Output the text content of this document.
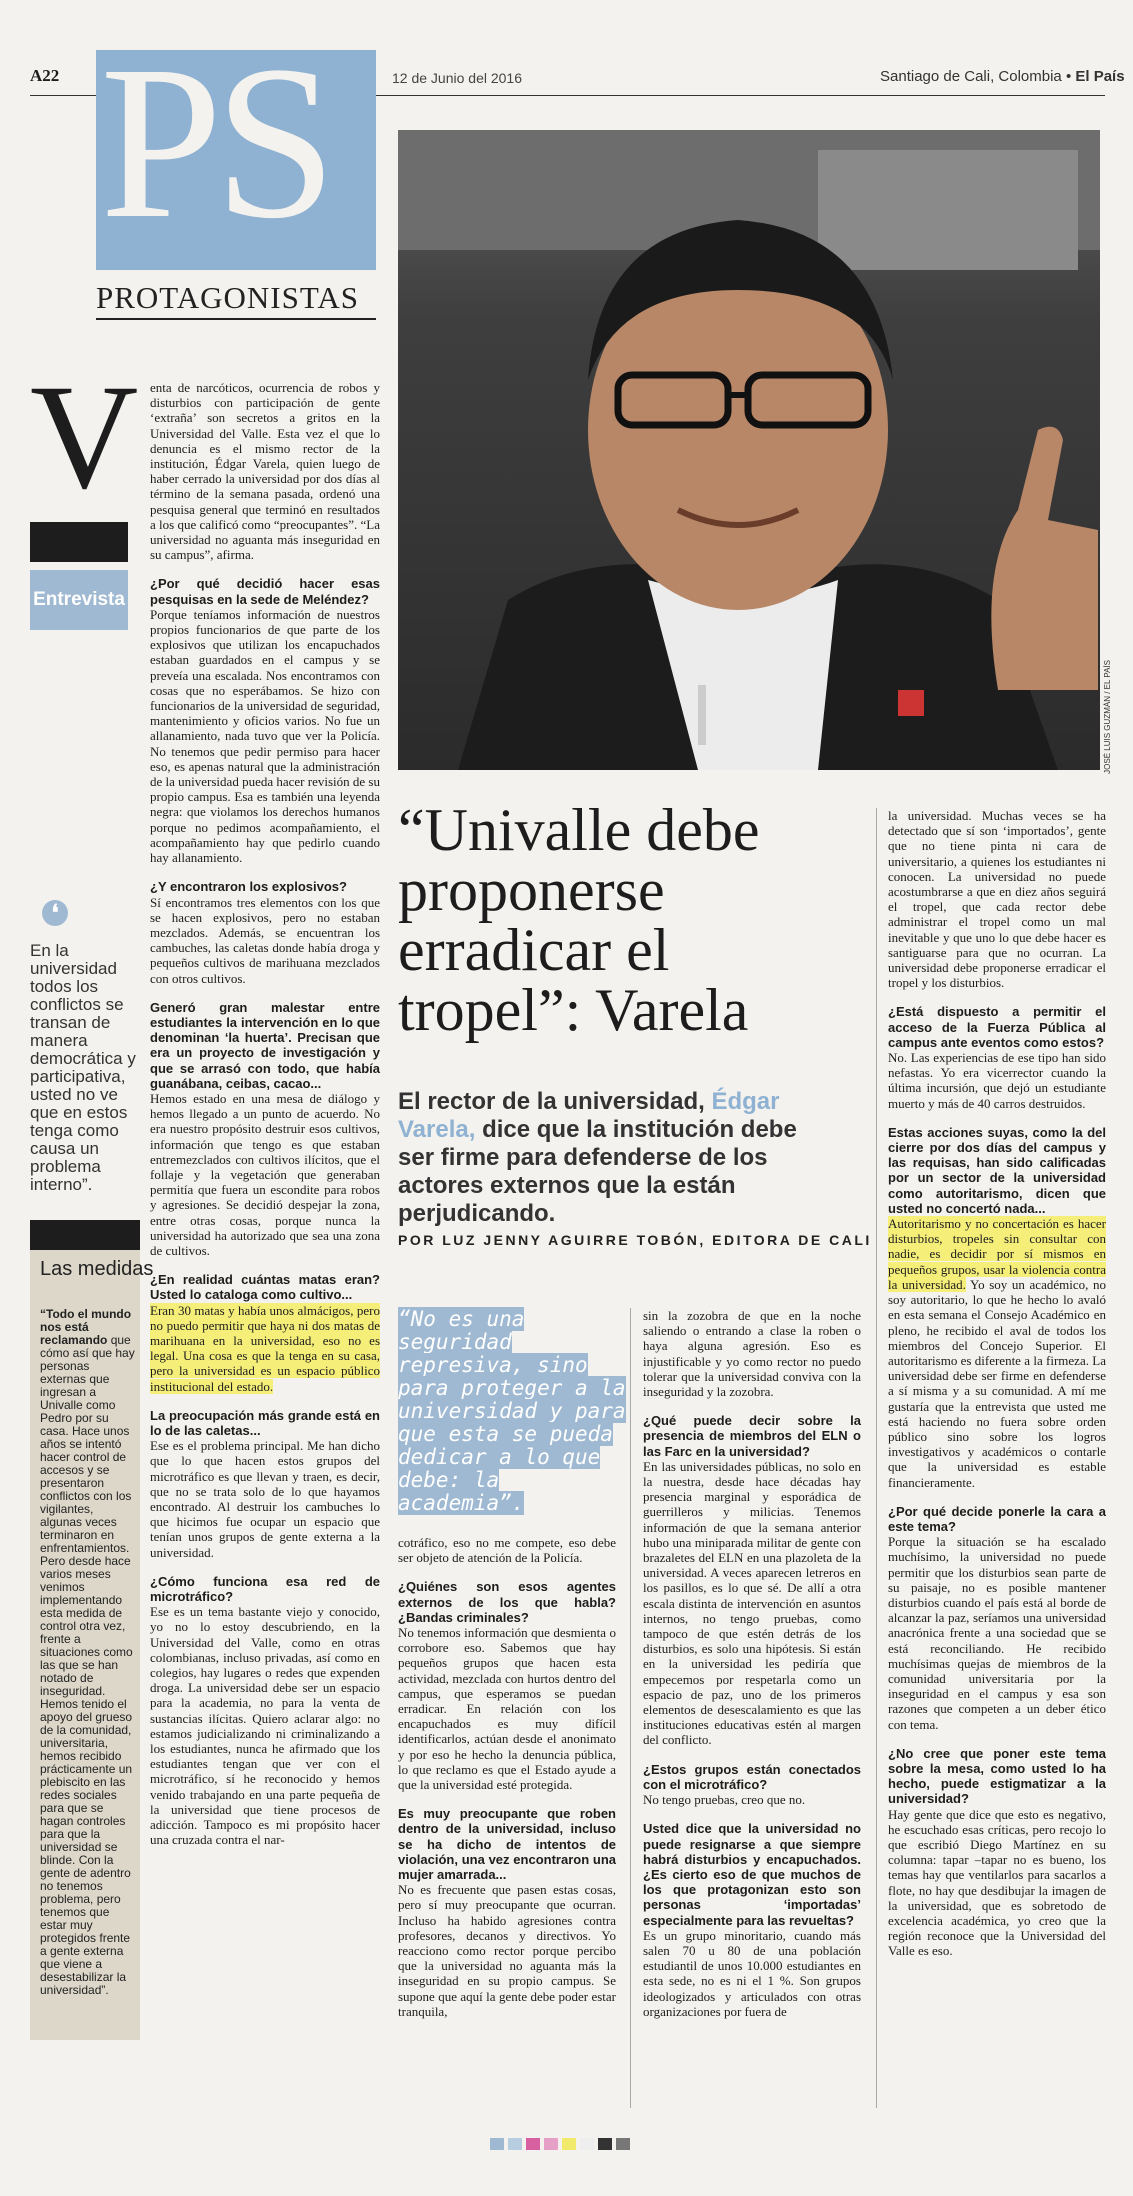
A22	12 de Junio del 2016	Santiago de Cali, Colombia • El País
PS
PROTAGONISTAS
JOSÉ LUIS GUZMÁN / EL PAÍS
V
Entrevista
❛
En la universidad todos los conflictos se transan de manera democrática y participativa, usted no ve que en estos tenga como causa un problema interno”.
Las medidas
“Todo el mundo nos está reclamando que cómo así que hay personas externas que ingresan a Univalle como Pedro por su casa. Hace unos años se intentó hacer control de accesos y se presentaron conflictos con los vigilantes, algunas veces terminaron en enfrentamientos. Pero desde hace varios meses venimos implementando esta medida de control otra vez, frente a situaciones como las que se han notado de inseguridad. Hemos tenido el apoyo del grueso de la comunidad, universitaria, hemos recibido prácticamente un plebiscito en las redes sociales para que se hagan controles para que la universidad se blinde. Con la gente de adentro no tenemos problema, pero tenemos que estar muy protegidos frente a gente externa que viene a desestabilizar la universidad”.

enta de narcóticos, ocurrencia de robos y disturbios con participación de gente ‘extraña’ son secretos a gritos en la Universidad del Valle. Esta vez el que lo denuncia es el mismo rector de la institución, Édgar Varela, quien luego de haber cerrado la universidad por dos días al término de la semana pasada, ordenó una pesquisa general que terminó en resultados a los que calificó como “preocupantes”. “La universidad no aguanta más inseguridad en su campus”, afirma.

¿Por qué decidió hacer esas pesquisas en la sede de Meléndez?
Porque teníamos información de nuestros propios funcionarios de que parte de los explosivos que utilizan los encapuchados estaban guardados en el campus y se preveía una escalada. Nos encontramos con cosas que no esperábamos. Se hizo con funcionarios de la universidad de seguridad, mantenimiento y oficios varios. No fue un allanamiento, nada tuvo que ver la Policía. No tenemos que pedir permiso para hacer eso, es apenas natural que la administración de la universidad pueda hacer revisión de su propio campus. Esa es también una leyenda negra: que violamos los derechos humanos porque no pedimos acompañamiento, el acompañamiento hay que pedirlo cuando hay allanamiento.

¿Y encontraron los explosivos?
Sí encontramos tres elementos con los que se hacen explosivos, pero no estaban mezclados. Además, se encuentran los cambuches, las caletas donde había droga y pequeños cultivos de marihuana mezclados con otros cultivos.

Generó gran malestar entre estudiantes la intervención en lo que denominan ‘la huerta’. Precisan que era un proyecto de investigación y que se arrasó con todo, que había guanábana, ceibas, cacao...
Hemos estado en una mesa de diálogo y hemos llegado a un punto de acuerdo. No era nuestro propósito destruir esos cultivos, información que tengo es que estaban entremezclados con cultivos ilícitos, que el follaje y la vegetación que generaban permitía que fuera un escondite para robos y agresiones. Se decidió despejar la zona, entre otras cosas, porque nunca la universidad ha autorizado que sea una zona de cultivos.

¿En realidad cuántas matas eran? Usted lo cataloga como cultivo...
Eran 30 matas y había unos almácigos, pero no puedo permitir que haya ni dos matas de marihuana en la universidad, eso no es legal. Una cosa es que la tenga en su casa, pero la universidad es un espacio público institucional del estado.

La preocupación más grande está en lo de las caletas...
Ese es el problema principal. Me han dicho que lo que hacen estos grupos del microtráfico es que llevan y traen, es decir, que no se trata solo de lo que hayamos encontrado. Al destruir los cambuches lo que hicimos fue ocupar un espacio que tenían unos grupos de gente externa a la universidad.

¿Cómo funciona esa red de microtráfico?
Ese es un tema bastante viejo y conocido, yo no lo estoy descubriendo, en la Universidad del Valle, como en otras colombianas, incluso privadas, así como en colegios, hay lugares o redes que expenden droga. La universidad debe ser un espacio para la academia, no para la venta de sustancias ilícitas. Quiero aclarar algo: no estamos judicializando ni criminalizando a los estudiantes, nunca he afirmado que los estudiantes tengan que ver con el microtráfico, sí he reconocido y hemos venido trabajando en una parte pequeña de la universidad que tiene procesos de adicción. Tampoco es mi propósito hacer una cruzada contra el nar-

“Univalle debe proponerse erradicar el tropel”: Varela
El rector de la universidad, Édgar Varela, dice que la institución debe ser firme para defenderse de los actores externos que la están perjudicando.
POR LUZ JENNY AGUIRRE TOBÓN, EDITORA DE CALI
“No es una seguridad represiva, sino para proteger a la universidad y para que esta se pueda dedicar a lo que debe: la academia”.

cotráfico, eso no me compete, eso debe ser objeto de atención de la Policía.

¿Quiénes son esos agentes externos de los que habla? ¿Bandas criminales?
No tenemos información que desmienta o corrobore eso. Sabemos que hay pequeños grupos que hacen esta actividad, mezclada con hurtos dentro del campus, que esperamos se puedan erradicar. En relación con los encapuchados es muy difícil identificarlos, actúan desde el anonimato y por eso he hecho la denuncia pública, lo que reclamo es que el Estado ayude a que la universidad esté protegida.

Es muy preocupante que roben dentro de la universidad, incluso se ha dicho de intentos de violación, una vez encontraron una mujer amarrada...
No es frecuente que pasen estas cosas, pero sí muy preocupante que ocurran. Incluso ha habido agresiones contra profesores, decanos y directivos. Yo reacciono como rector porque percibo que la universidad no aguanta más la inseguridad en su propio campus. Se supone que aquí la gente debe poder estar tranquila,

sin la zozobra de que en la noche saliendo o entrando a clase la roben o haya alguna agresión. Eso es injustificable y yo como rector no puedo tolerar que la universidad conviva con la inseguridad y la zozobra.

¿Qué puede decir sobre la presencia de miembros del ELN o las Farc en la universidad?
En las universidades públicas, no solo en la nuestra, desde hace décadas hay presencia marginal y esporádica de guerrilleros y milicias. Tenemos información de que la semana anterior hubo una miniparada militar de gente con brazaletes del ELN en una plazoleta de la universidad. A veces aparecen letreros en los pasillos, es lo que sé. De allí a otra escala distinta de intervención en asuntos internos, no tengo pruebas, como tampoco de que estén detrás de los disturbios, es solo una hipótesis. Si están en la universidad les pediría que empecemos por respetarla como un espacio de paz, uno de los primeros elementos de desescalamiento es que las instituciones educativas estén al margen del conflicto.

¿Estos grupos están conectados con el microtráfico?
No tengo pruebas, creo que no.

Usted dice que la universidad no puede resignarse a que siempre habrá disturbios y encapuchados. ¿Es cierto eso de que muchos de los que protagonizan esto son personas ‘importadas’ especialmente para las revueltas?
Es un grupo minoritario, cuando más salen 70 u 80 de una población estudiantil de unos 10.000 estudiantes en esta sede, no es ni el 1 %. Son grupos ideologizados y articulados con otras organizaciones por fuera de

la universidad. Muchas veces se ha detectado que sí son ‘importados’, gente que no tiene pinta ni cara de universitario, a quienes los estudiantes ni conocen. La universidad no puede acostumbrarse a que en diez años seguirá el tropel, que cada rector debe administrar el tropel como un mal inevitable y que uno lo que debe hacer es santiguarse para que no ocurran. La universidad debe proponerse erradicar el tropel y los disturbios.

¿Está dispuesto a permitir el acceso de la Fuerza Pública al campus ante eventos como estos?
No. Las experiencias de ese tipo han sido nefastas. Yo era vicerrector cuando la última incursión, que dejó un estudiante muerto y más de 40 carros destruidos.

Estas acciones suyas, como la del cierre por dos días del campus y las requisas, han sido calificadas por un sector de la universidad como autoritarismo, dicen que usted no concertó nada...
Autoritarismo y no concertación es hacer disturbios, tropeles sin consultar con nadie, es decidir por sí mismos en pequeños grupos, usar la violencia contra la universidad. Yo soy un académico, no soy autoritario, lo que he hecho lo avaló en esta semana el Consejo Académico en pleno, he recibido el aval de todos los miembros del Concejo Superior. El autoritarismo es diferente a la firmeza. La universidad debe ser firme en defenderse a sí misma y a su comunidad. A mí me gustaría que la entrevista que usted me está haciendo no fuera sobre orden público sino sobre los logros investigativos y académicos o contarle que la universidad es estable financieramente.

¿Por qué decide ponerle la cara a este tema?
Porque la situación se ha escalado muchísimo, la universidad no puede permitir que los disturbios sean parte de su paisaje, no es posible mantener disturbios cuando el país está al borde de alcanzar la paz, seríamos una universidad anacrónica frente a una sociedad que se está reconciliando. He recibido muchísimas quejas de miembros de la comunidad universitaria por la inseguridad en el campus y esa son razones que competen a un deber ético con tema.

¿No cree que poner este tema sobre la mesa, como usted lo ha hecho, puede estigmatizar a la universidad?
Hay gente que dice que esto es negativo, he escuchado esas críticas, pero recojo lo que escribió Diego Martínez en su columna: tapar –tapar no es bueno, los temas hay que ventilarlos para sacarlos a flote, no hay que desdibujar la imagen de la universidad, que es sobretodo de excelencia académica, yo creo que la región reconoce que la Universidad del Valle es eso.
